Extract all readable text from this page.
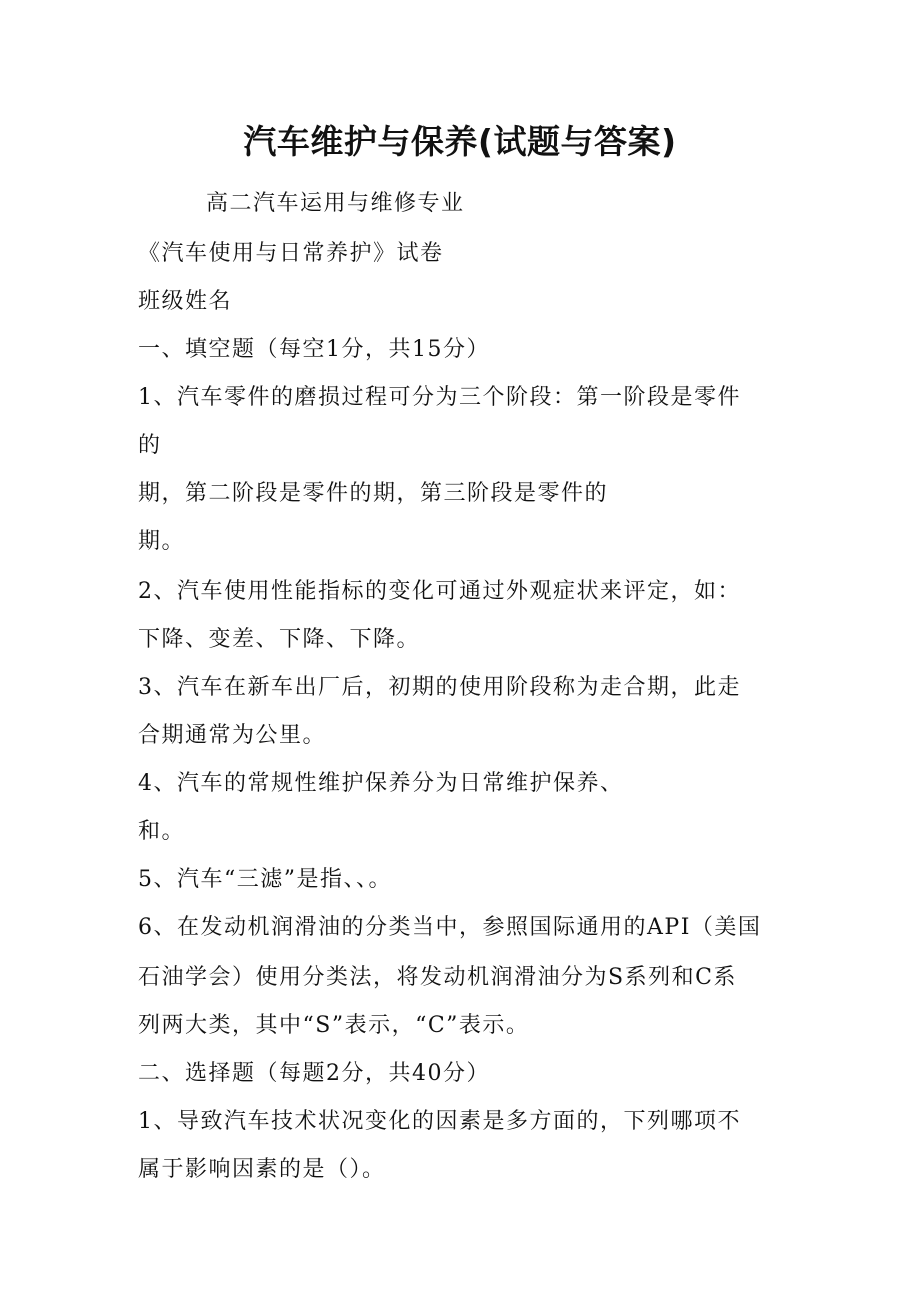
汽车维护与保养(试题与答案)
高二汽车运用与维修专业
《汽车使用与日常养护》试卷
班级姓名
一、填空题（每空1分，共15分）
1、汽车零件的磨损过程可分为三个阶段：第一阶段是零件
的
期，第二阶段是零件的期，第三阶段是零件的
期。
2、汽车使用性能指标的变化可通过外观症状来评定，如：
下降、变差、下降、下降。
3、汽车在新车出厂后，初期的使用阶段称为走合期，此走
合期通常为公里。
4、汽车的常规性维护保养分为日常维护保养、
和。
5、汽车“三滤”是指、、。
6、在发动机润滑油的分类当中，参照国际通用的API（美国
石油学会）使用分类法，将发动机润滑油分为S系列和C系
列两大类，其中“S”表示，“C”表示。
二、选择题（每题2分，共40分）
1、导致汽车技术状况变化的因素是多方面的，下列哪项不
属于影响因素的是（）。
